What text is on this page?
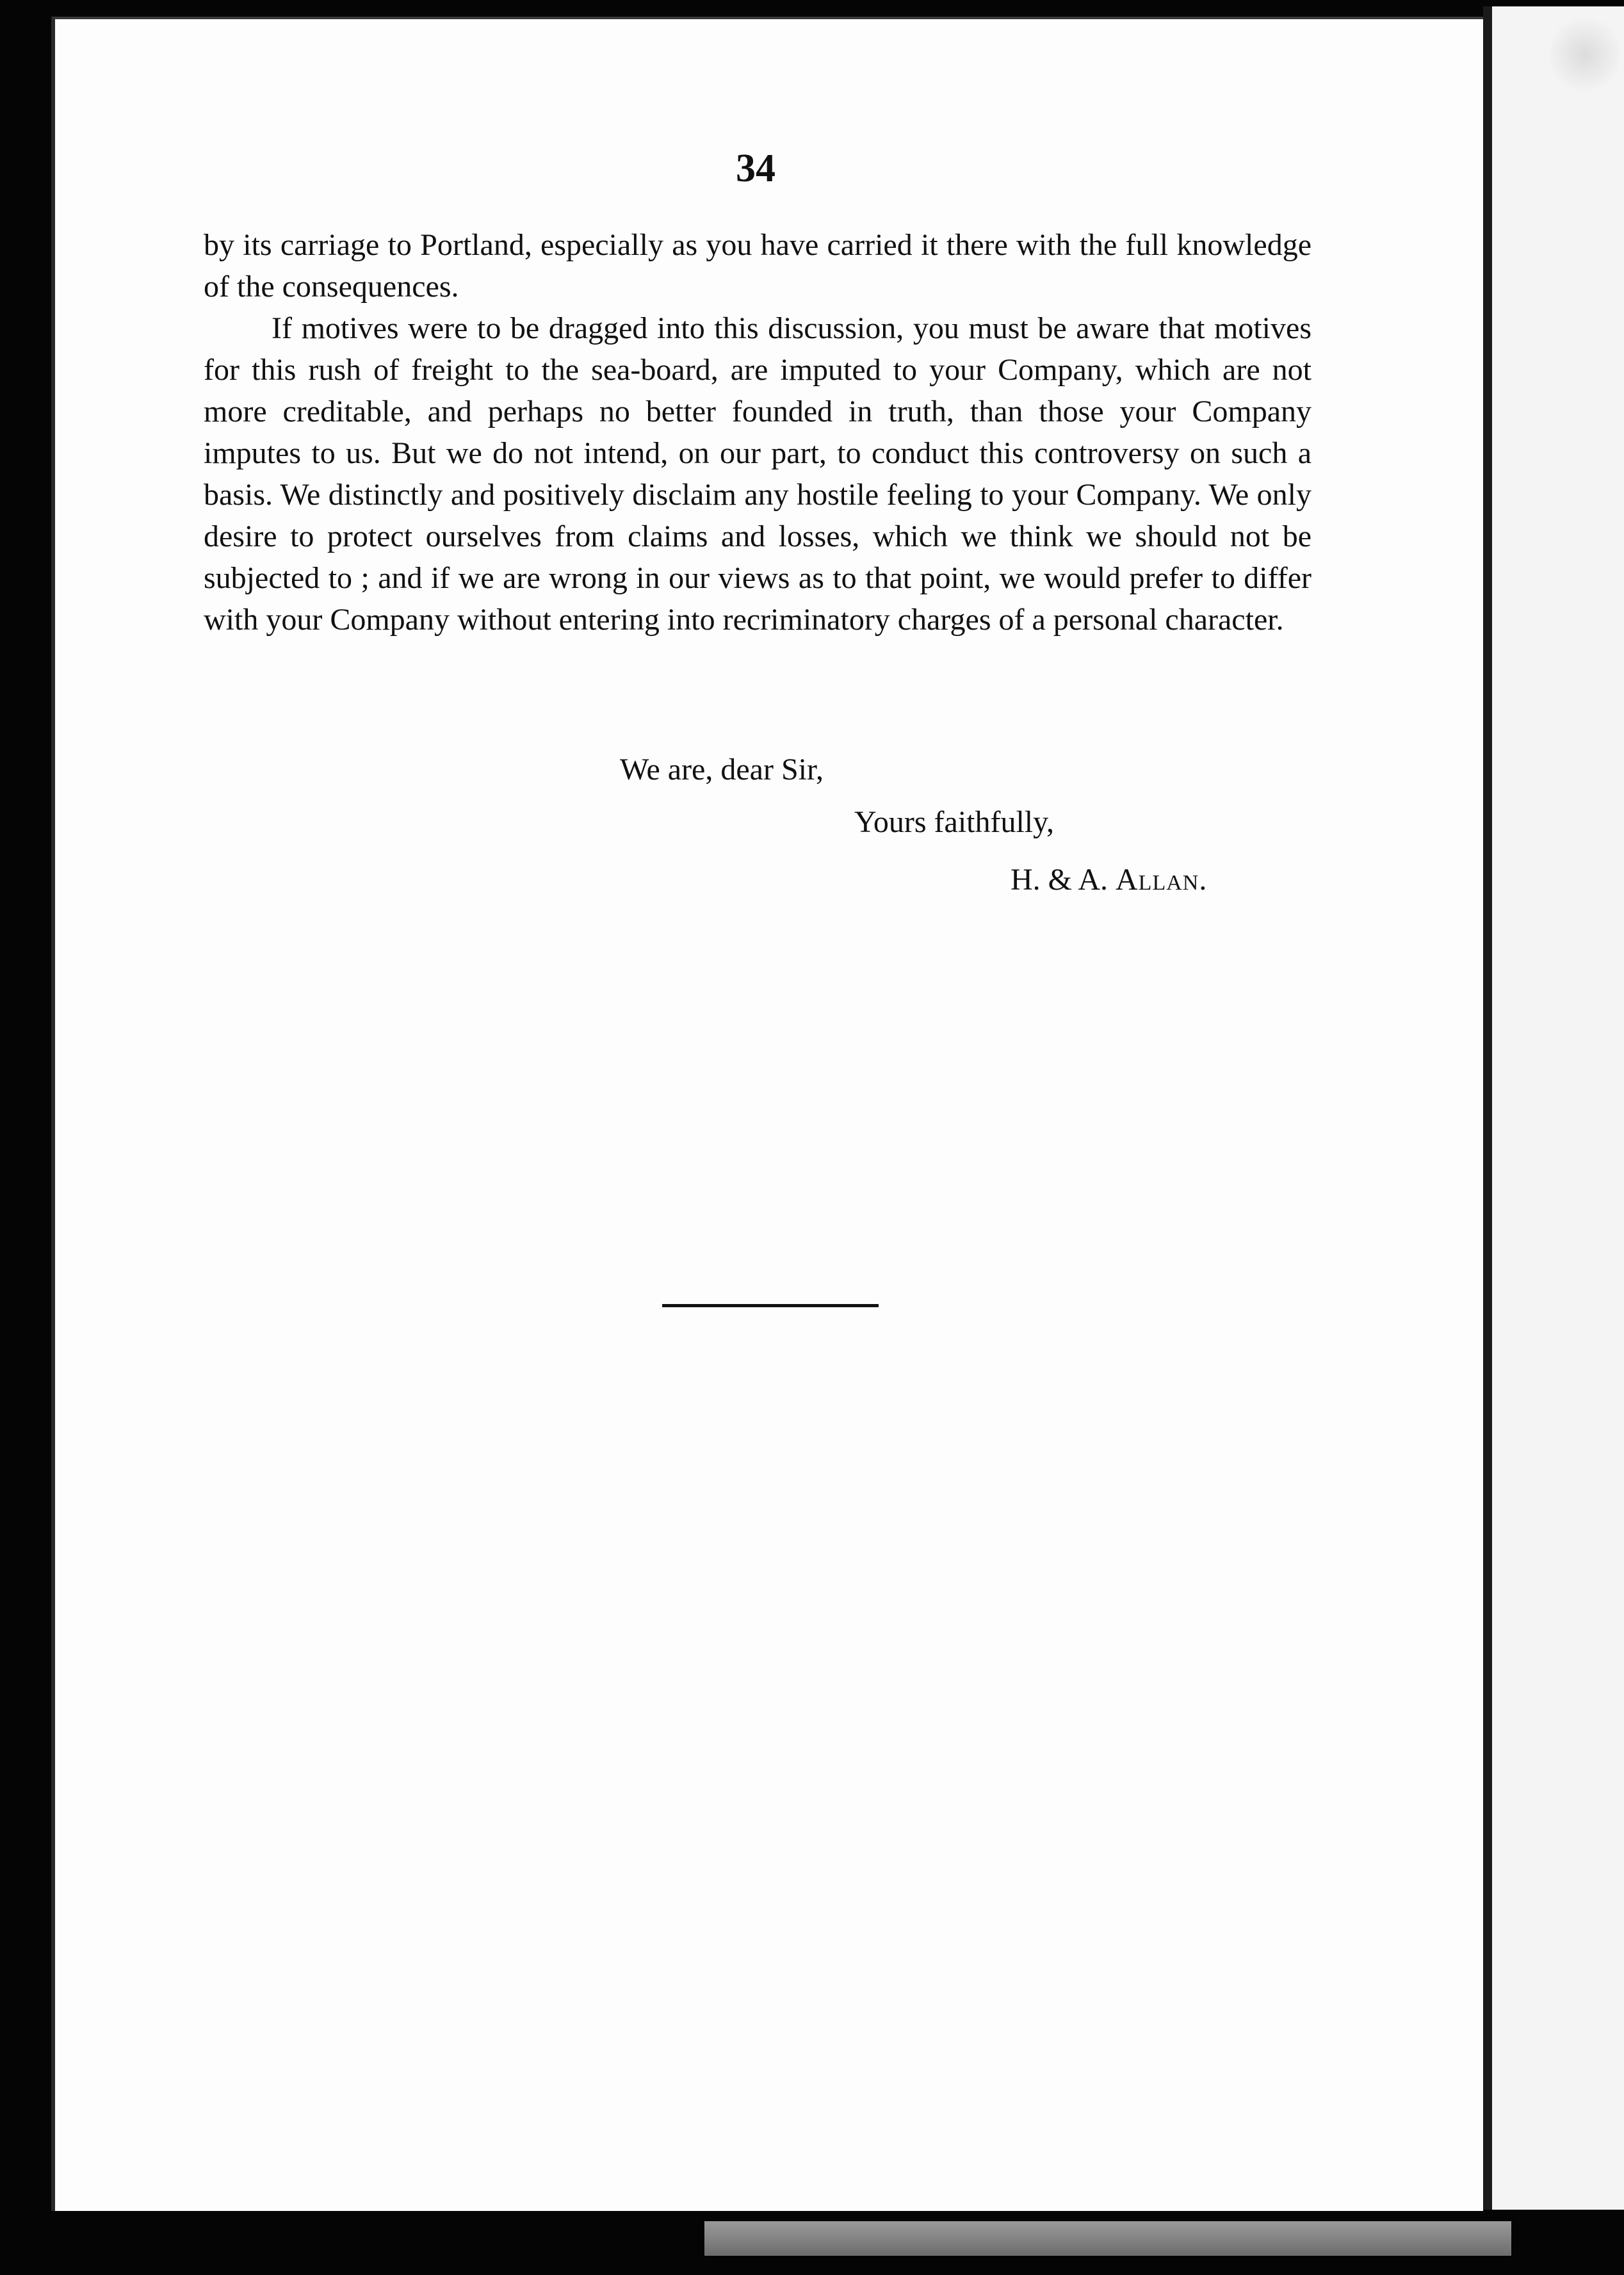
34

by its carriage to Portland, especially as you have carried it there with the full knowledge of the consequences.

If motives were to be dragged into this discussion, you must be aware that motives for this rush of freight to the sea-board, are imputed to your Company, which are not more creditable, and perhaps no better founded in truth, than those your Company imputes to us. But we do not intend, on our part, to conduct this controversy on such a basis. We distinctly and positively disclaim any hostile feeling to your Company. We only desire to protect ourselves from claims and losses, which we think we should not be subjected to ; and if we are wrong in our views as to that point, we would prefer to differ with your Company without entering into recriminatory charges of a personal character.

We are, dear Sir,
Yours faithfully,
H. & A. Allan.
